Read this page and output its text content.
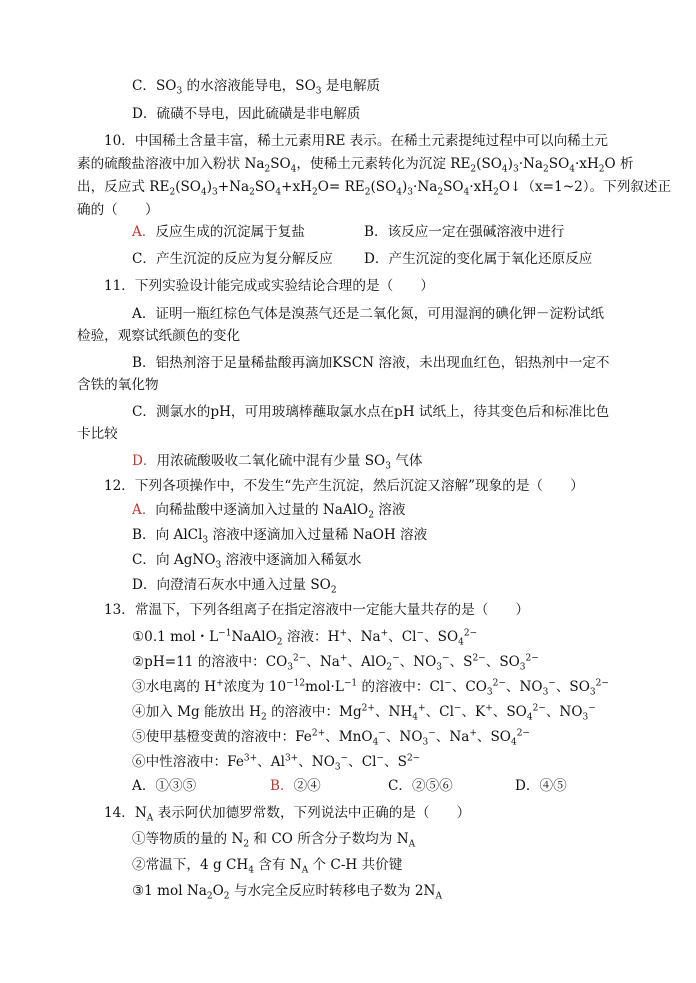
C．$SO_3$ 的水溶液能导电，$SO_3$ 是电解质
D．硫磺不导电，因此硫磺是非电解质
10．中国稀土含量丰富，稀土元素用RE 表示。在稀土元素提纯过程中可以向稀土元
素的硫酸盐溶液中加入粉状 $Na_2SO_4$，使稀土元素转化为沉淀 $RE_2(SO_4)_3\cdot Na_2SO_4\cdot xH_2O$ 析
出，反应式 $RE_2(SO_4)_3+Na_2SO_4+xH_2O=$ $RE_2(SO_4)_3\cdot Na_2SO_4\cdot xH_2O↓(x=1\sim 2)$。下列叙述正
确的（　　）
A．反应生成的沉淀属于复盐	B．该反应一定在强碱溶液中进行
C．产生沉淀的反应为复分解反应 D．产生沉淀的变化属于氧化还原反应
11．下列实验设计能完成或实验结论合理的是（　　）
A．证明一瓶红棕色气体是溴蒸气还是二氧化氮，可用湿润的碘化钾－淀粉试纸
检验，观察试纸颜色的变化
B．铝热剂溶于足量稀盐酸再滴加KSCN 溶液，未出现血红色，铝热剂中一定不
含铁的氧化物
C．测氯水的pH，可用玻璃棒蘸取氯水点在pH 试纸上，待其变色后和标准比色
卡比较
D．用浓硫酸吸收二氧化硫中混有少量 $SO_3$ 气体
12．下列各项操作中，不发生“先产生沉淀，然后沉淀又溶解”现象的是（　　）
A．向稀盐酸中逐滴加入过量的 NaAlO$_2$ 溶液
B．向 AlCl$_3$ 溶液中逐滴加入过量稀 NaOH 溶液
C．向 AgNO$_3$ 溶液中逐滴加入稀氨水
D．向澄清石灰水中通入过量 $SO_2$
13．常温下，下列各组离子在指定溶液中一定能大量共存的是（　　）
①0.1 mol・$L^{-1}NaAlO_2$ 溶液：H+、Na+、Cl−、$SO_4^{2-}$
②pH=11 的溶液中：$CO_3^{2-}$、Na+、AlO$_2$−、$NO_3^-$、$S^{2-}$、$SO_3^{2-}$
③水电离的 H+浓度为 $10^{-12}mol\cdot L^{-1}$ 的溶液中：Cl−、$CO_3^{2-}$、$NO_3^-$、$SO_3^{2-}$
④加入 Mg 能放出 $H_2$ 的溶液中：$Mg^{2+}$、$NH_4^+$、Cl−、K+、$SO_4^{2-}$、$NO_3^-$
⑤使甲基橙变黄的溶液中：$Fe^{2+}$、MnO$_4$−、$NO_3^-$、Na+、$SO_4^{2-}$
⑥中性溶液中：$Fe^{3+}$、$Al^{3+}$、$NO_3^-$、Cl−、$S^{2-}$
A．①③⑤	B．②④	C．②⑤⑥	D．④⑤
14．$N_A$ 表示阿伏加德罗常数，下列说法中正确的是（　　）
①等物质的量的 $N_2$ 和 CO 所含分子数均为 $N_A$
②常温下，4 g $CH_4$ 含有 $N_A$ 个 C-H 共价键
③1 mol $Na_2O_2$ 与水完全反应时转移电子数为 $2N_A$
